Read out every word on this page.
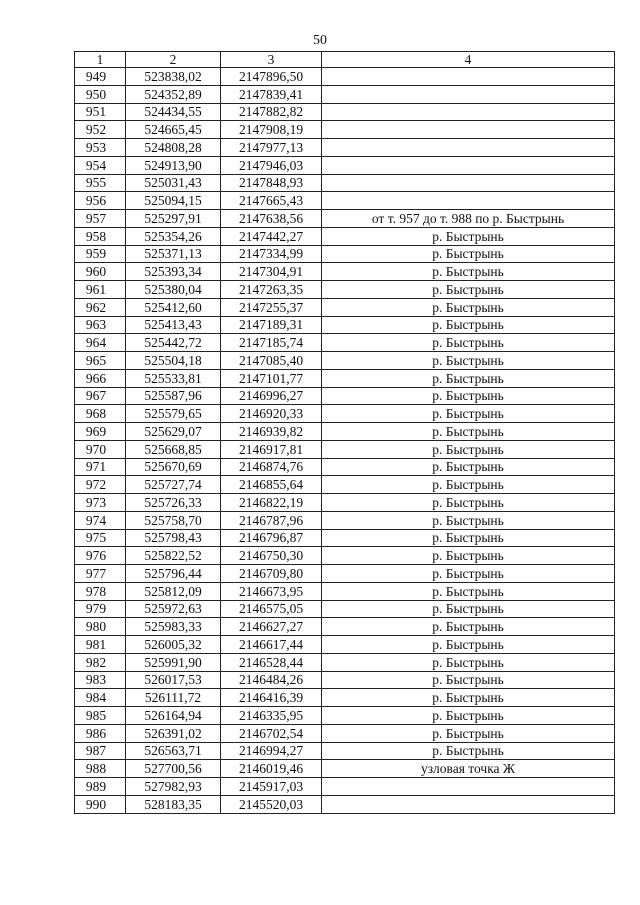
50
1	2	3	4
949	523838,02	2147896,50	
950	524352,89	2147839,41	
951	524434,55	2147882,82	
952	524665,45	2147908,19	
953	524808,28	2147977,13	
954	524913,90	2147946,03	
955	525031,43	2147848,93	
956	525094,15	2147665,43	
957	525297,91	2147638,56	от т. 957 до т. 988 по р. Быстрынь
958	525354,26	2147442,27	р. Быстрынь
959	525371,13	2147334,99	р. Быстрынь
960	525393,34	2147304,91	р. Быстрынь
961	525380,04	2147263,35	р. Быстрынь
962	525412,60	2147255,37	р. Быстрынь
963	525413,43	2147189,31	р. Быстрынь
964	525442,72	2147185,74	р. Быстрынь
965	525504,18	2147085,40	р. Быстрынь
966	525533,81	2147101,77	р. Быстрынь
967	525587,96	2146996,27	р. Быстрынь
968	525579,65	2146920,33	р. Быстрынь
969	525629,07	2146939,82	р. Быстрынь
970	525668,85	2146917,81	р. Быстрынь
971	525670,69	2146874,76	р. Быстрынь
972	525727,74	2146855,64	р. Быстрынь
973	525726,33	2146822,19	р. Быстрынь
974	525758,70	2146787,96	р. Быстрынь
975	525798,43	2146796,87	р. Быстрынь
976	525822,52	2146750,30	р. Быстрынь
977	525796,44	2146709,80	р. Быстрынь
978	525812,09	2146673,95	р. Быстрынь
979	525972,63	2146575,05	р. Быстрынь
980	525983,33	2146627,27	р. Быстрынь
981	526005,32	2146617,44	р. Быстрынь
982	525991,90	2146528,44	р. Быстрынь
983	526017,53	2146484,26	р. Быстрынь
984	526111,72	2146416,39	р. Быстрынь
985	526164,94	2146335,95	р. Быстрынь
986	526391,02	2146702,54	р. Быстрынь
987	526563,71	2146994,27	р. Быстрынь
988	527700,56	2146019,46	узловая точка Ж
989	527982,93	2145917,03	
990	528183,35	2145520,03	
